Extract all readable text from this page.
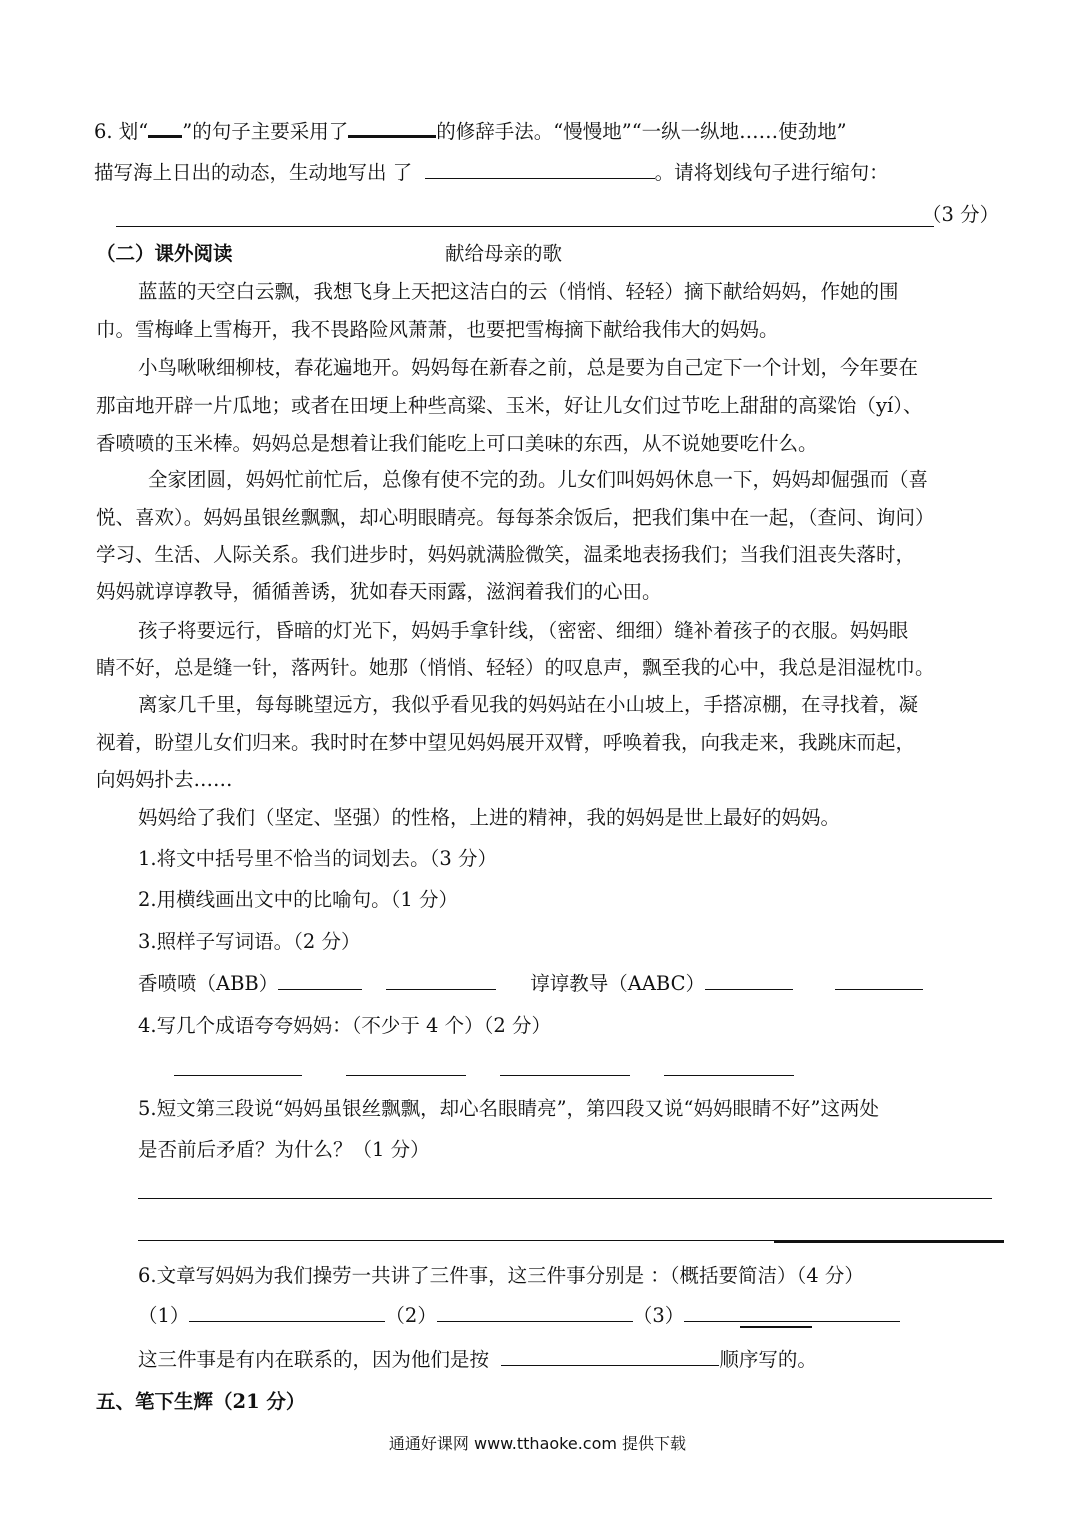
6. 划“ ”的句子主要采用了	的修辞手法。“慢慢地”“一纵一纵地……使劲地”
描写海上日出的动态，生动地写出 了	。请将划线句子进行缩句：
（3 分）
（二）课外阅读	献给母亲的歌
蓝蓝的天空白云飘，我想飞身上天把这洁白的云（悄悄、轻轻）摘下献给妈妈，作她的围
巾。雪梅峰上雪梅开，我不畏路险风萧萧，也要把雪梅摘下献给我伟大的妈妈。
小鸟啾啾细柳枝，春花遍地开。妈妈每在新春之前，总是要为自己定下一个计划，今年要在
那亩地开辟一片瓜地；或者在田埂上种些高粱、玉米，好让儿女们过节吃上甜甜的高粱饴（yí）、
香喷喷的玉米棒。妈妈总是想着让我们能吃上可口美味的东西，从不说她要吃什么。
全家团圆，妈妈忙前忙后，总像有使不完的劲。儿女们叫妈妈休息一下，妈妈却倔强而（喜
悦、喜欢）。妈妈虽银丝飘飘，却心明眼睛亮。每每茶余饭后，把我们集中在一起，（查问、询问）
学习、生活、人际关系。我们进步时，妈妈就满脸微笑，温柔地表扬我们；当我们沮丧失落时，
妈妈就谆谆教导，循循善诱，犹如春天雨露，滋润着我们的心田。
孩子将要远行，昏暗的灯光下，妈妈手拿针线，（密密、细细）缝补着孩子的衣服。妈妈眼
睛不好，总是缝一针，落两针。她那（悄悄、轻轻）的叹息声，飘至我的心中，我总是泪湿枕巾。
离家几千里，每每眺望远方，我似乎看见我的妈妈站在小山坡上，手搭凉棚，在寻找着，凝
视着，盼望儿女们归来。我时时在梦中望见妈妈展开双臂，呼唤着我，向我走来，我跳床而起，
向妈妈扑去……
妈妈给了我们（坚定、坚强）的性格，上进的精神，我的妈妈是世上最好的妈妈。
1.将文中括号里不恰当的词划去。（3 分）
2.用横线画出文中的比喻句。（1 分）
3.照样子写词语。（2 分）
香喷喷（ABB）	谆谆教导（AABC）
4.写几个成语夸夸妈妈：（不少于 4 个）（2 分）
5.短文第三段说“妈妈虽银丝飘飘，却心名眼睛亮”，第四段又说“妈妈眼睛不好”这两处
是否前后矛盾？为什么？（1 分）
6.文章写妈妈为我们操劳一共讲了三件事，这三件事分别是 ：（概括要简洁）（4 分）
（1）	（2）	（3）
这三件事是有内在联系的，因为他们是按	顺序写的。
五、笔下生辉（21 分）
通通好课网 www.tthaoke.com 提供下载
